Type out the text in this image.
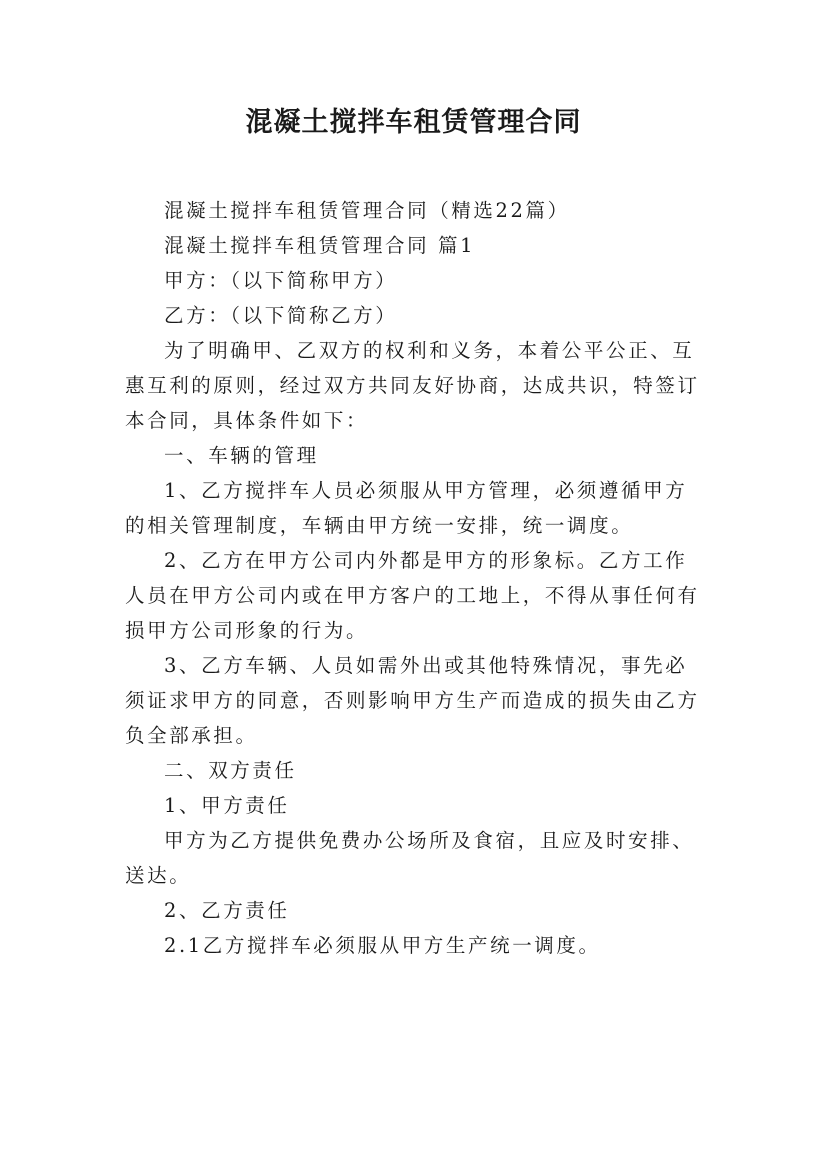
混凝土搅拌车租赁管理合同

混凝土搅拌车租赁管理合同（精选22篇）

混凝土搅拌车租赁管理合同 篇1

甲方：（以下简称甲方）

乙方：（以下简称乙方）

为了明确甲、乙双方的权利和义务，本着公平公正、互惠互利的原则，经过双方共同友好协商，达成共识，特签订本合同，具体条件如下：

一、车辆的管理

1、乙方搅拌车人员必须服从甲方管理，必须遵循甲方的相关管理制度，车辆由甲方统一安排，统一调度。

2、乙方在甲方公司内外都是甲方的形象标。乙方工作人员在甲方公司内或在甲方客户的工地上，不得从事任何有损甲方公司形象的行为。

3、乙方车辆、人员如需外出或其他特殊情况，事先必须证求甲方的同意，否则影响甲方生产而造成的损失由乙方负全部承担。

二、双方责任

1、甲方责任

甲方为乙方提供免费办公场所及食宿，且应及时安排、送达。

2、乙方责任

2.1乙方搅拌车必须服从甲方生产统一调度。
